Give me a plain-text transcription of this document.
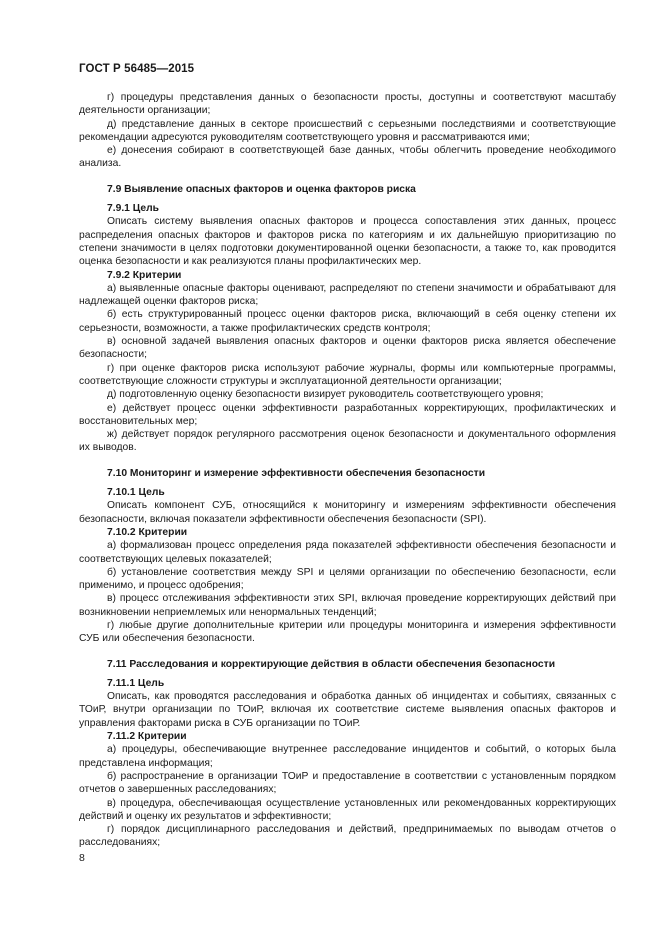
ГОСТ Р 56485—2015

г) процедуры представления данных о безопасности просты, доступны и соответствуют масштабу деятельности организации;

д) представление данных в секторе происшествий с серьезными последствиями и соответствующие рекомендации адресуются руководителям соответствующего уровня и рассматриваются ими;

е) донесения собирают в соответствующей базе данных, чтобы облегчить проведение необходимого анализа.

7.9 Выявление опасных факторов и оценка факторов риска

7.9.1 Цель

Описать систему выявления опасных факторов и процесса сопоставления этих данных, процесс распределения опасных факторов и факторов риска по категориям и их дальнейшую приоритизацию по степени значимости в целях подготовки документированной оценки безопасности, а также то, как проводится оценка безопасности и как реализуются планы профилактических мер.

7.9.2 Критерии

а) выявленные опасные факторы оценивают, распределяют по степени значимости и обрабатывают для надлежащей оценки факторов риска;

б) есть структурированный процесс оценки факторов риска, включающий в себя оценку степени их серьезности, возможности, а также профилактических средств контроля;

в) основной задачей выявления опасных факторов и оценки факторов риска является обеспечение безопасности;

г) при оценке факторов риска используют рабочие журналы, формы или компьютерные программы, соответствующие сложности структуры и эксплуатационной деятельности организации;

д) подготовленную оценку безопасности визирует руководитель соответствующего уровня;

е) действует процесс оценки эффективности разработанных корректирующих, профилактических и восстановительных мер;

ж) действует порядок регулярного рассмотрения оценок безопасности и документального оформления их выводов.

7.10 Мониторинг и измерение эффективности обеспечения безопасности

7.10.1 Цель

Описать компонент СУБ, относящийся к мониторингу и измерениям эффективности обеспечения безопасности, включая показатели эффективности обеспечения безопасности (SPI).

7.10.2 Критерии

а) формализован процесс определения ряда показателей эффективности обеспечения безопасности и соответствующих целевых показателей;

б) установление соответствия между SPI и целями организации по обеспечению безопасности, если применимо, и процесс одобрения;

в) процесс отслеживания эффективности этих SPI, включая проведение корректирующих действий при возникновении неприемлемых или ненормальных тенденций;

г) любые другие дополнительные критерии или процедуры мониторинга и измерения эффективности СУБ или обеспечения безопасности.

7.11 Расследования и корректирующие действия в области обеспечения безопасности

7.11.1 Цель

Описать, как проводятся расследования и обработка данных об инцидентах и событиях, связанных с ТОиР, внутри организации по ТОиР, включая их соответствие системе выявления опасных факторов и управления факторами риска в СУБ организации по ТОиР.

7.11.2 Критерии

а) процедуры, обеспечивающие внутреннее расследование инцидентов и событий, о которых была представлена информация;

б) распространение в организации ТОиР и предоставление в соответствии с установленным порядком отчетов о завершенных расследованиях;

в) процедура, обеспечивающая осуществление установленных или рекомендованных корректирующих действий и оценку их результатов и эффективности;

г) порядок дисциплинарного расследования и действий, предпринимаемых по выводам отчетов о расследованиях;

8
